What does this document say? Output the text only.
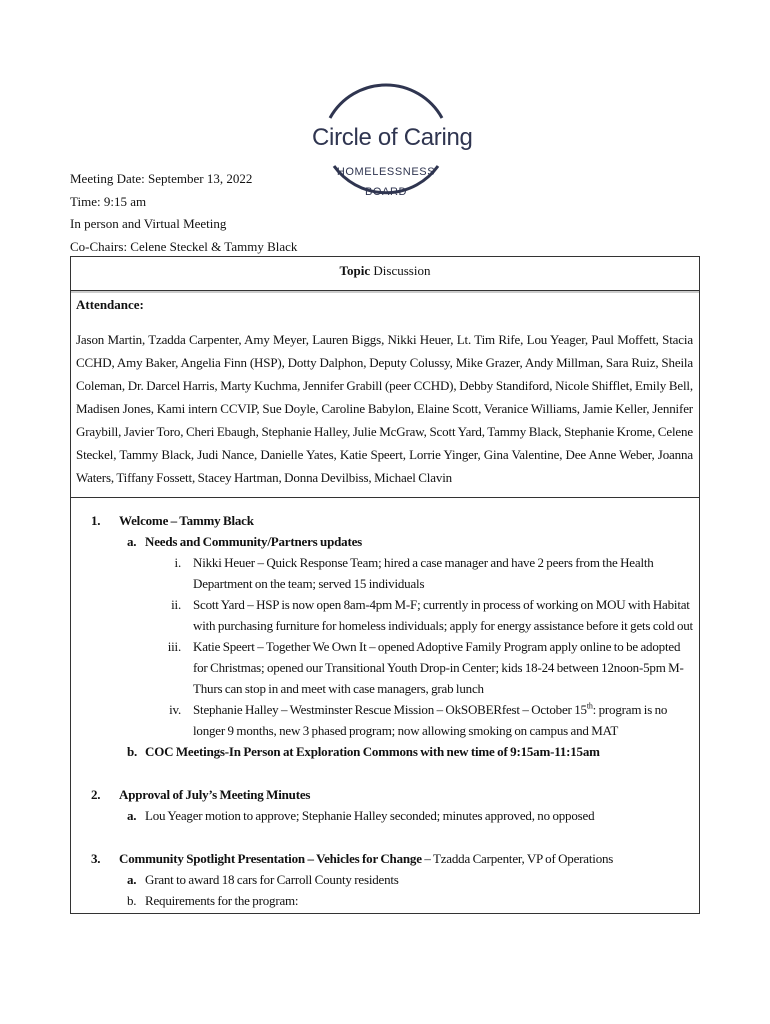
Circle of Caring
HOMELESSNESS
BOARD
Meeting Date: September 13, 2022
Time: 9:15 am
In person and Virtual Meeting
Co-Chairs: Celene Steckel & Tammy Black
Topic Discussion
Attendance:
Jason Martin, Tzadda Carpenter, Amy Meyer, Lauren Biggs, Nikki Heuer, Lt. Tim Rife, Lou Yeager, Paul Moffett, Stacia CCHD, Amy Baker, Angelia Finn (HSP), Dotty Dalphon, Deputy Colussy, Mike Grazer, Andy Millman, Sara Ruiz, Sheila Coleman, Dr. Darcel Harris, Marty Kuchma, Jennifer Grabill (peer CCHD), Debby Standiford, Nicole Shifflet, Emily Bell, Madisen Jones, Kami intern CCVIP, Sue Doyle, Caroline Babylon, Elaine Scott, Veranice Williams, Jamie Keller, Jennifer Graybill, Javier Toro, Cheri Ebaugh, Stephanie Halley, Julie McGraw, Scott Yard, Tammy Black, Stephanie Krome, Celene Steckel, Tammy Black, Judi Nance, Danielle Yates, Katie Speert, Lorrie Yinger, Gina Valentine, Dee Anne Weber, Joanna Waters, Tiffany Fossett, Stacey Hartman, Donna Devilbiss, Michael Clavin
1. Welcome – Tammy Black
a. Needs and Community/Partners updates
i. Nikki Heuer – Quick Response Team; hired a case manager and have 2 peers from the Health Department on the team; served 15 individuals
ii. Scott Yard – HSP is now open 8am-4pm M-F; currently in process of working on MOU with Habitat with purchasing furniture for homeless individuals; apply for energy assistance before it gets cold out
iii. Katie Speert – Together We Own It – opened Adoptive Family Program apply online to be adopted for Christmas; opened our Transitional Youth Drop-in Center; kids 18-24 between 12noon-5pm M-Thurs can stop in and meet with case managers, grab lunch
iv. Stephanie Halley – Westminster Rescue Mission – OkSOBERfest – October 15th: program is no longer 9 months, new 3 phased program; now allowing smoking on campus and MAT
b. COC Meetings-In Person at Exploration Commons with new time of 9:15am-11:15am
2. Approval of July’s Meeting Minutes
a. Lou Yeager motion to approve; Stephanie Halley seconded; minutes approved, no opposed
3. Community Spotlight Presentation – Vehicles for Change – Tzadda Carpenter, VP of Operations
a. Grant to award 18 cars for Carroll County residents
b. Requirements for the program:
